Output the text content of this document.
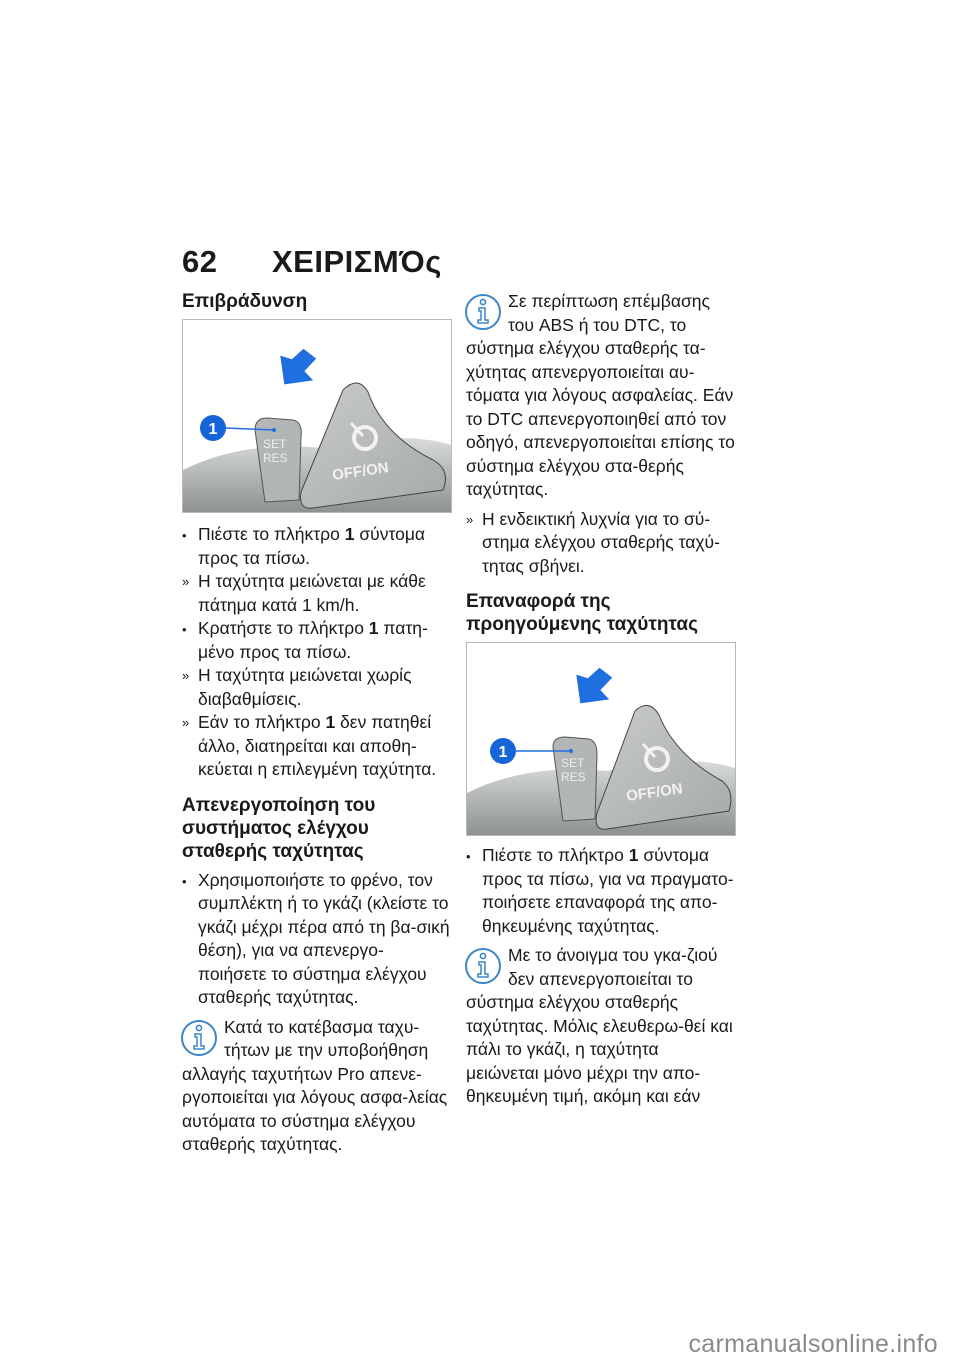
62 ΧΕΙΡΙΣΜΌς
Επιβράδυνση
SET
RES
OFF/ON
1

• Πιέστε το πλήκτρο 1 σύντομα προς τα πίσω.

» Η ταχύτητα μειώνεται με κάθε πάτημα κατά 1 km/h.

• Κρατήστε το πλήκτρο 1 πατη-μένο προς τα πίσω.

» Η ταχύτητα μειώνεται χωρίς διαβαθμίσεις.

» Εάν το πλήκτρο 1 δεν πατηθεί άλλο, διατηρείται και αποθη-κεύεται η επιλεγμένη ταχύτητα.

Απενεργοποίηση του συστήματος ελέγχου σταθερής ταχύτητας

• Χρησιμοποιήστε το φρένο, τον συμπλέκτη ή το γκάζι (κλείστε το γκάζι μέχρι πέρα από τη βα-σική θέση), για να απενεργο-ποιήσετε το σύστημα ελέγχου σταθερής ταχύτητας.

Κατά το κατέβασμα ταχυ-τήτων με την υποβοήθηση αλλαγής ταχυτήτων Pro απενε-ργοποιείται για λόγους ασφα-λείας αυτόματα το σύστημα ελέγχου σταθερής ταχύτητας.
Σε περίπτωση επέμβασης του ABS ή του DTC, το σύστημα ελέγχου σταθερής τα-χύτητας απενεργοποιείται αυ-τόματα για λόγους ασφαλείας. Εάν το DTC απενεργοποιηθεί από τον οδηγό, απενεργοποιείται επίσης το σύστημα ελέγχου στα-θερής ταχύτητας.

» Η ενδεικτική λυχνία για το σύ-στημα ελέγχου σταθερής ταχύ-τητας σβήνει.

Επαναφορά της προηγούμενης ταχύτητας
SET
RES
OFF/ON
1

• Πιέστε το πλήκτρο 1 σύντομα προς τα πίσω, για να πραγματο-ποιήσετε επαναφορά της απο-θηκευμένης ταχύτητας.

Με το άνοιγμα του γκα-ζιού δεν απενεργοποιείται το σύστημα ελέγχου σταθερής ταχύτητας. Μόλις ελευθερω-θεί και πάλι το γκάζι, η ταχύτητα μειώνεται μόνο μέχρι την απο-θηκευμένη τιμή, ακόμη και εάν
carmanualsonline.info
